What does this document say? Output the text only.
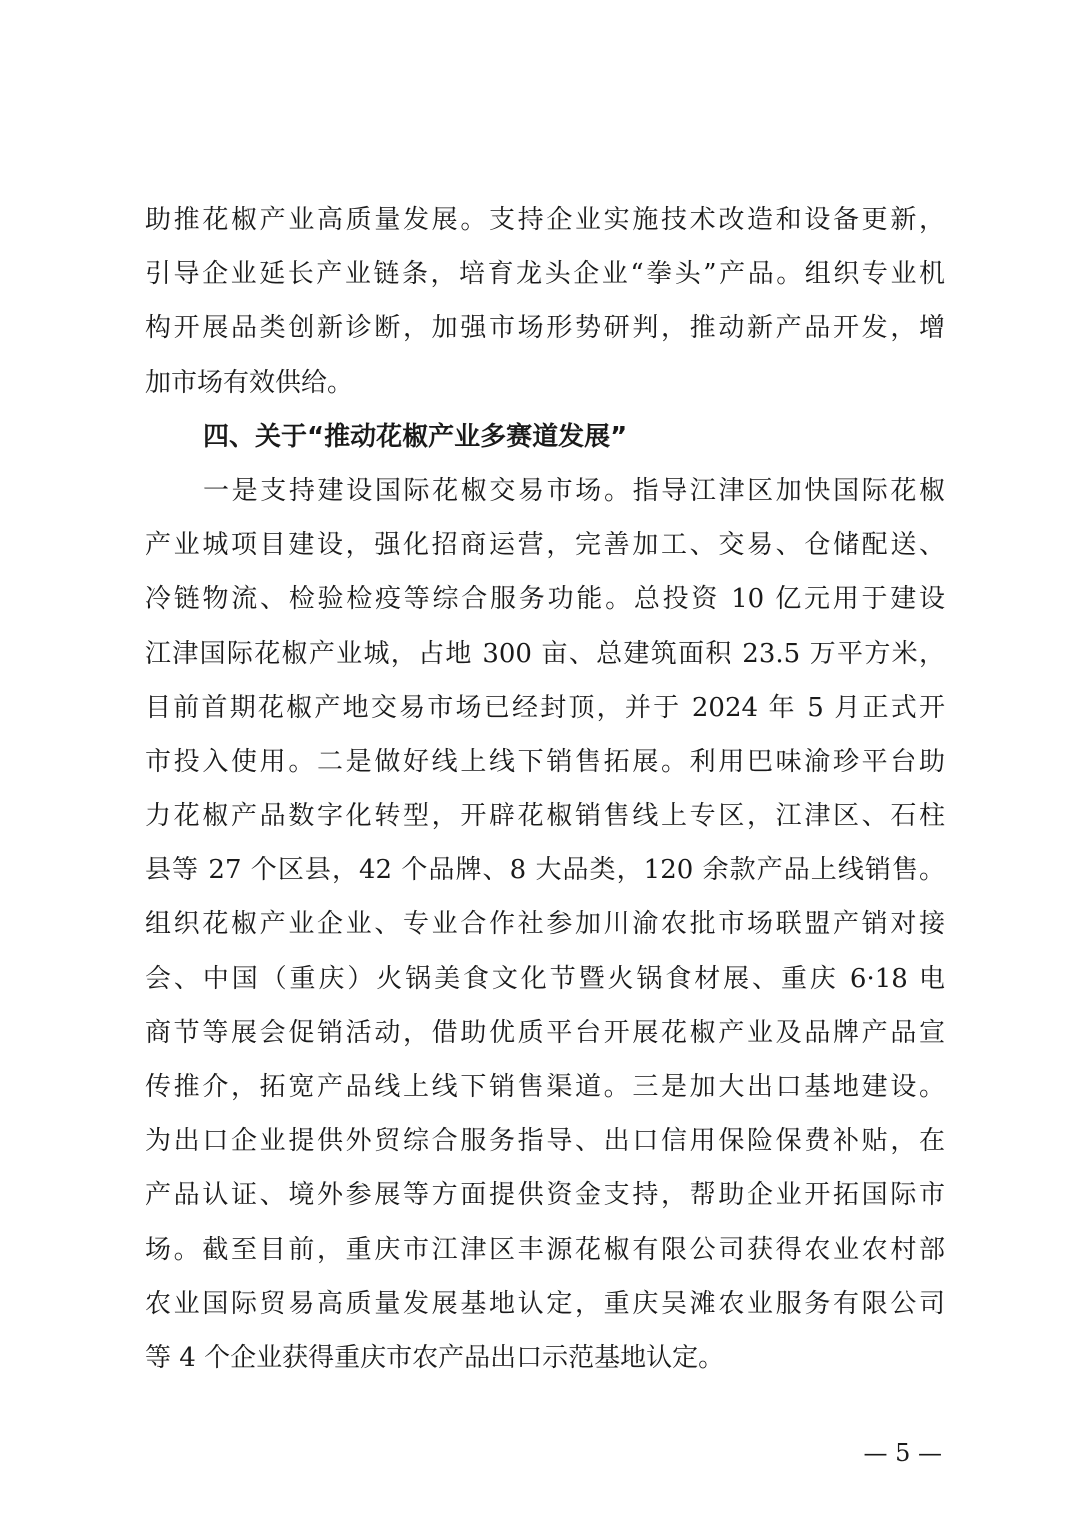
助推花椒产业高质量发展。支持企业实施技术改造和设备更新，
引导企业延长产业链条，培育龙头企业“拳头”产品。组织专业机
构开展品类创新诊断，加强市场形势研判，推动新产品开发，增
加市场有效供给。
四、关于“推动花椒产业多赛道发展”
一是支持建设国际花椒交易市场。指导江津区加快国际花椒
产业城项目建设，强化招商运营，完善加工、交易、仓储配送、
冷链物流、检验检疫等综合服务功能。总投资 10 亿元用于建设
江津国际花椒产业城，占地 300 亩、总建筑面积 23.5 万平方米，
目前首期花椒产地交易市场已经封顶，并于 2024 年 5 月正式开
市投入使用。二是做好线上线下销售拓展。利用巴味渝珍平台助
力花椒产品数字化转型，开辟花椒销售线上专区，江津区、石柱
县等 27 个区县，42 个品牌、8 大品类，120 余款产品上线销售。
组织花椒产业企业、专业合作社参加川渝农批市场联盟产销对接
会、中国（重庆）火锅美食文化节暨火锅食材展、重庆 6·18 电
商节等展会促销活动，借助优质平台开展花椒产业及品牌产品宣
传推介，拓宽产品线上线下销售渠道。三是加大出口基地建设。
为出口企业提供外贸综合服务指导、出口信用保险保费补贴，在
产品认证、境外参展等方面提供资金支持，帮助企业开拓国际市
场。截至目前，重庆市江津区丰源花椒有限公司获得农业农村部
农业国际贸易高质量发展基地认定，重庆吴滩农业服务有限公司
等 4 个企业获得重庆市农产品出口示范基地认定。
— 5 —
